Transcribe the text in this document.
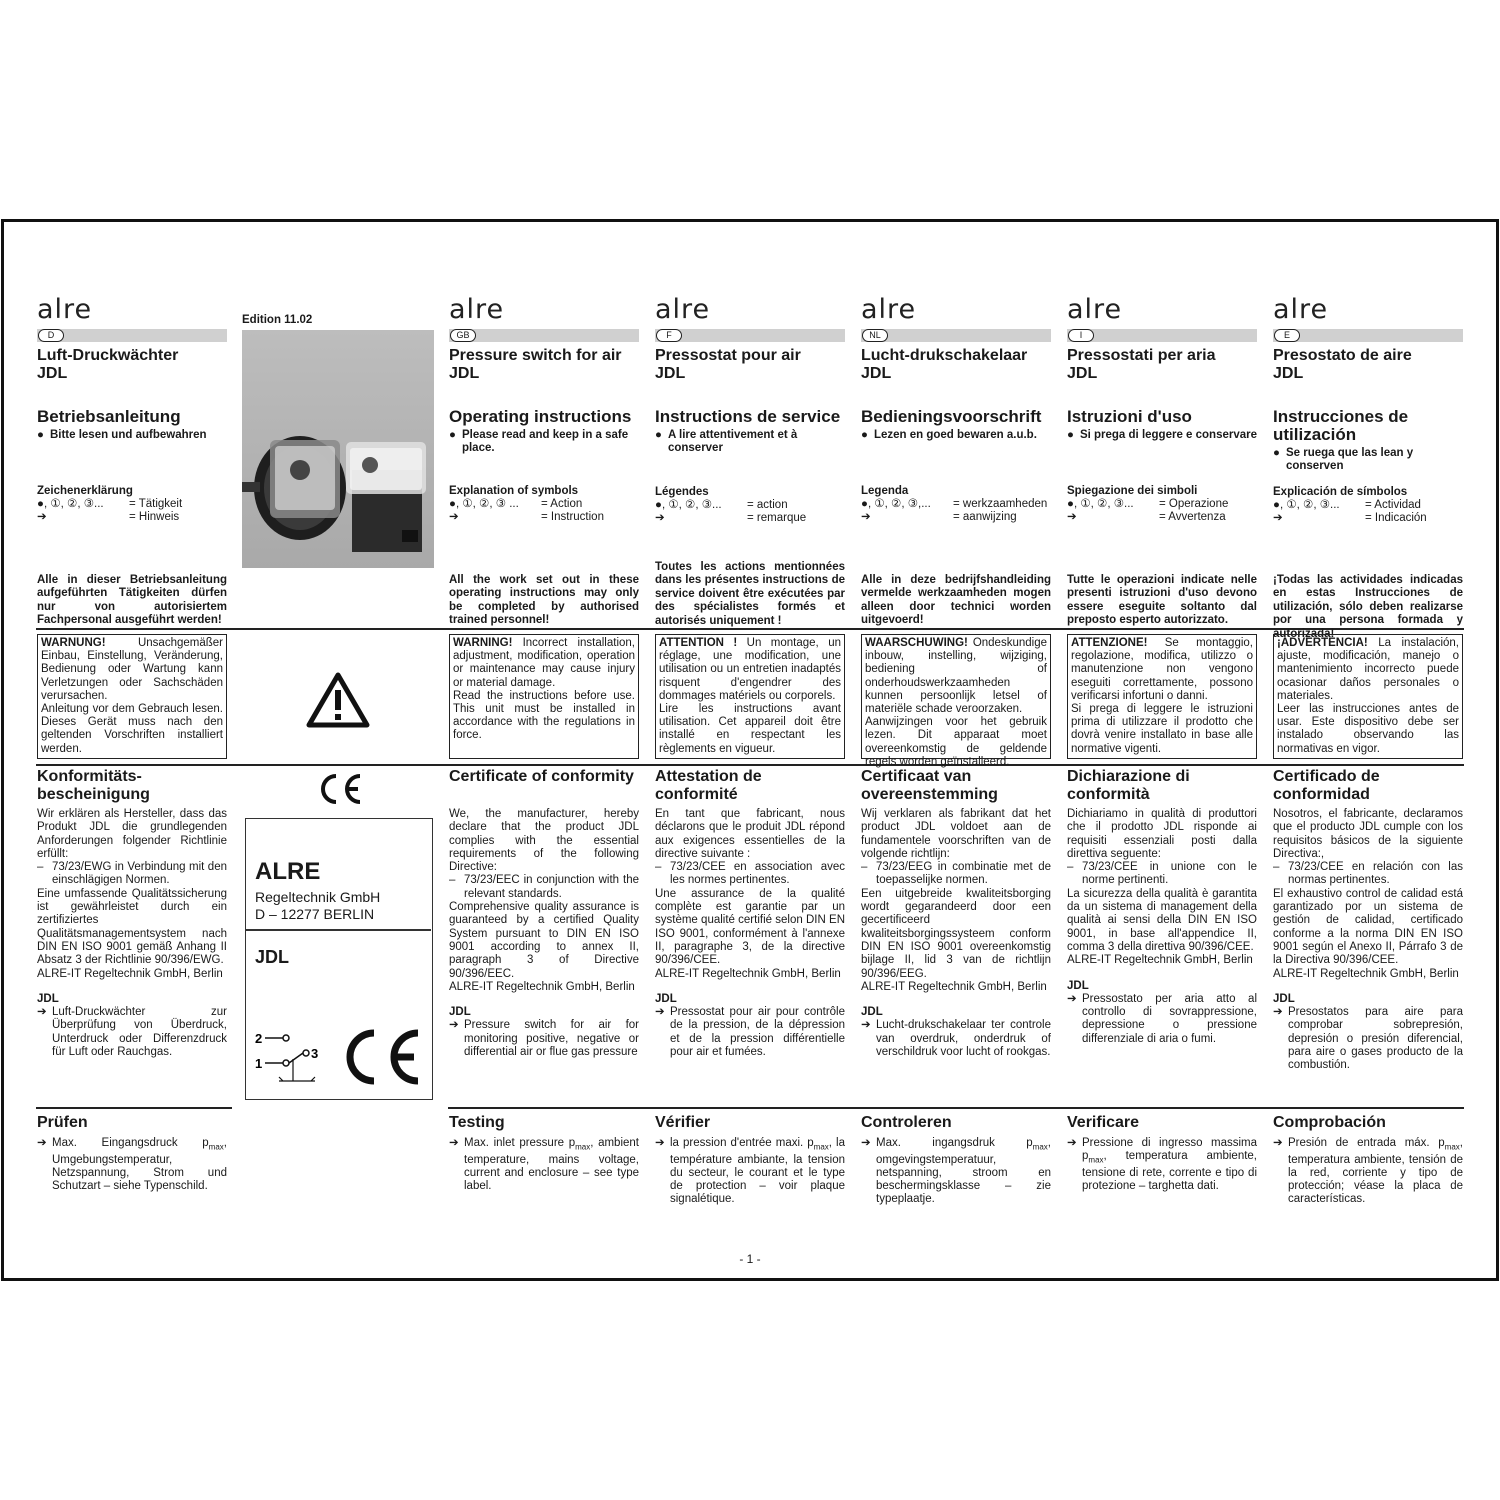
Edition 11.02
ALRE
Regeltechnik GmbH
D – 12277 BERLIN
JDL
2
1
3
alre
D
Luft-Druckwächter
JDL
Betriebsanleitung
● Bitte lesen und aufbewahren
Zeichenerklärung
●, ①, ②, ③...	= Tätigkeit
➔	= Hinweis
Alle in dieser Betriebsanleitung aufgeführten Tätigkeiten dürfen nur von autorisiertem Fachpersonal ausgeführt werden!
WARNUNG! Unsachgemäßer Einbau, Einstellung, Veränderung, Bedienung oder Wartung kann Verletzungen oder Sachschäden verursachen.
Anleitung vor dem Gebrauch lesen. Dieses Gerät muss nach den geltenden Vorschriften installiert werden.
Konformitäts-bescheinigung
Wir erklären als Hersteller, dass das Produkt JDL die grundlegenden Anforderungen folgender Richtlinie erfüllt:
– 73/23/EWG in Verbindung mit den einschlägigen Normen.
Eine umfassende Qualitätssicherung ist gewährleistet durch ein zertifiziertes Qualitätsmanagementsystem nach DIN EN ISO 9001 gemäß Anhang II Absatz 3 der Richtlinie 90/396/EWG.
ALRE-IT Regeltechnik GmbH, Berlin
JDL
➔ Luft-Druckwächter zur Überprüfung von Überdruck, Unterdruck oder Differenzdruck für Luft oder Rauchgas.
Prüfen
➔ Max. Eingangsdruck $p_{max}$, Umgebungstemperatur, Netzspannung, Strom und Schutzart – siehe Typenschild.
alre
GB
Pressure switch for air
JDL
Operating instructions
● Please read and keep in a safe place.
Explanation of symbols
●, ①, ②, ③ ...	= Action
➔	= Instruction
All the work set out in these operating instructions may only be completed by authorised trained personnel!
WARNING! Incorrect installation, adjustment, modification, operation or maintenance may cause injury or material damage.
Read the instructions before use. This unit must be installed in accordance with the regulations in force.
Certificate of conformity
We, the manufacturer, hereby declare that the product JDL complies with the essential requirements of the following Directive:
– 73/23/EEC in conjunction with the relevant standards.
Comprehensive quality assurance is guaranteed by a certified Quality System pursuant to DIN EN ISO 9001 according to annex II, paragraph 3 of Directive 90/396/EEC.
ALRE-IT Regeltechnik GmbH, Berlin
JDL
➔ Pressure switch for air for monitoring positive, negative or differential air or flue gas pressure
Testing
➔ Max. inlet pressure $p_{max}$, ambient temperature, mains voltage, current and enclosure – see type label.
alre
F
Pressostat pour air
JDL
Instructions de service
● A lire attentivement et à conserver
Légendes
●, ①, ②, ③...	= action
➔	= remarque
Toutes les actions mentionnées dans les présentes instructions de service doivent être exécutées par des spécialistes formés et autorisés uniquement !
ATTENTION ! Un montage, un réglage, une modification, une utilisation ou un entretien inadaptés risquent d'engendrer des dommages matériels ou corporels.
Lire les instructions avant utilisation. Cet appareil doit être installé en respectant les règlements en vigueur.
Attestation de conformité
En tant que fabricant, nous déclarons que le produit JDL répond aux exigences essentielles de la directive suivante :
– 73/23/CEE en association avec les normes pertinentes.
Une assurance de la qualité complète est garantie par un système qualité certifié selon DIN EN ISO 9001, conformément à l'annexe II, paragraphe 3, de la directive 90/396/CEE.
ALRE-IT Regeltechnik GmbH, Berlin
JDL
➔ Pressostat pour air pour contrôle de la pression, de la dépression et de la pression différentielle pour air et fumées.
Vérifier
➔ la pression d'entrée maxi. $p_{max}$, la température ambiante, la tension du secteur, le courant et le type de protection – voir plaque signalétique.
alre
NL
Lucht-drukschakelaar
JDL
Bedieningsvoorschrift
● Lezen en goed bewaren a.u.b.
Legenda
●, ①, ②, ③,...	= werkzaamheden
➔	= aanwijzing
Alle in deze bedrijfshandleiding vermelde werkzaamheden mogen alleen door technici worden uitgevoerd!
WAARSCHUWING! Ondeskundige inbouw, instelling, wijziging, bediening of onderhoudswerkzaamheden kunnen persoonlijk letsel of materiële schade veroorzaken.
Aanwijzingen voor het gebruik lezen. Dit apparaat moet overeenkomstig de geldende regels worden geïnstalleerd.
Certificaat van overeenstemming
Wij verklaren als fabrikant dat het product JDL voldoet aan de fundamentele voorschriften van de volgende richtlijn:
– 73/23/EEG in combinatie met de toepasselijke normen.
Een uitgebreide kwaliteitsborging wordt gegarandeerd door een gecertificeerd kwaliteitsborgingssysteem conform DIN EN ISO 9001 overeenkomstig bijlage II, lid 3 van de richtlijn 90/396/EEG.
ALRE-IT Regeltechnik GmbH, Berlin
JDL
➔ Lucht-drukschakelaar ter controle van overdruk, onderdruk of verschildruk voor lucht of rookgas.
Controleren
➔ Max. ingangsdruk $p_{max}$, omgevingstemperatuur, netspanning, stroom en beschermingsklasse – zie typeplaatje.
alre
I
Pressostati per aria
JDL
Istruzioni d'uso
● Si prega di leggere e conservare
Spiegazione dei simboli
●, ①, ②, ③...	= Operazione
➔	= Avvertenza
Tutte le operazioni indicate nelle presenti istruzioni d'uso devono essere eseguite soltanto dal preposto esperto autorizzato.
ATTENZIONE! Se montaggio, regolazione, modifica, utilizzo o manutenzione non vengono eseguiti correttamente, possono verificarsi infortuni o danni.
Si prega di leggere le istruzioni prima di utilizzare il prodotto che dovrà venire installato in base alle normative vigenti.
Dichiarazione di conformità
Dichiariamo in qualità di produttori che il prodotto JDL risponde ai requisiti essenziali posti dalla direttiva seguente:
– 73/23/CEE in unione con le norme pertinenti.
La sicurezza della qualità è garantita da un sistema di management della qualità ai sensi della DIN EN ISO 9001, in base all'appendice II, comma 3 della direttiva 90/396/CEE.
ALRE-IT Regeltechnik GmbH, Berlin
JDL
➔ Pressostato per aria atto al controllo di sovrappressione, depressione o pressione differenziale di aria o fumi.
Verificare
➔ Pressione di ingresso massima $p_{max}$, temperatura ambiente, tensione di rete, corrente e tipo di protezione – targhetta dati.
alre
E
Presostato de aire
JDL
Instrucciones de utilización
● Se ruega que las lean y conserven
Explicación de símbolos
●, ①, ②, ③...	= Actividad
➔	= Indicación
¡Todas las actividades indicadas en estas Instrucciones de utilización, sólo deben realizarse por una persona formada y autorizada!
¡ADVERTENCIA! La instalación, ajuste, modificación, manejo o mantenimiento incorrecto puede ocasionar daños personales o materiales.
Leer las instrucciones antes de usar. Este dispositivo debe ser instalado observando las normativas en vigor.
Certificado de conformidad
Nosotros, el fabricante, declaramos que el producto JDL cumple con los requisitos básicos de la siguiente Directiva:,
– 73/23/CEE en relación con las normas pertinentes.
El exhaustivo control de calidad está garantizado por un sistema de gestión de calidad, certificado conforme a la norma DIN EN ISO 9001 según el Anexo II, Párrafo 3 de la Directiva 90/396/CEE.
ALRE-IT Regeltechnik GmbH, Berlin
JDL
➔ Presostatos para aire para comprobar sobrepresión, depresión o presión diferencial, para aire o gases producto de la combustión.
Comprobación
➔ Presión de entrada máx. $p_{max}$, temperatura ambiente, tensión de la red, corriente y tipo de protección; véase la placa de características.
- 1 -
